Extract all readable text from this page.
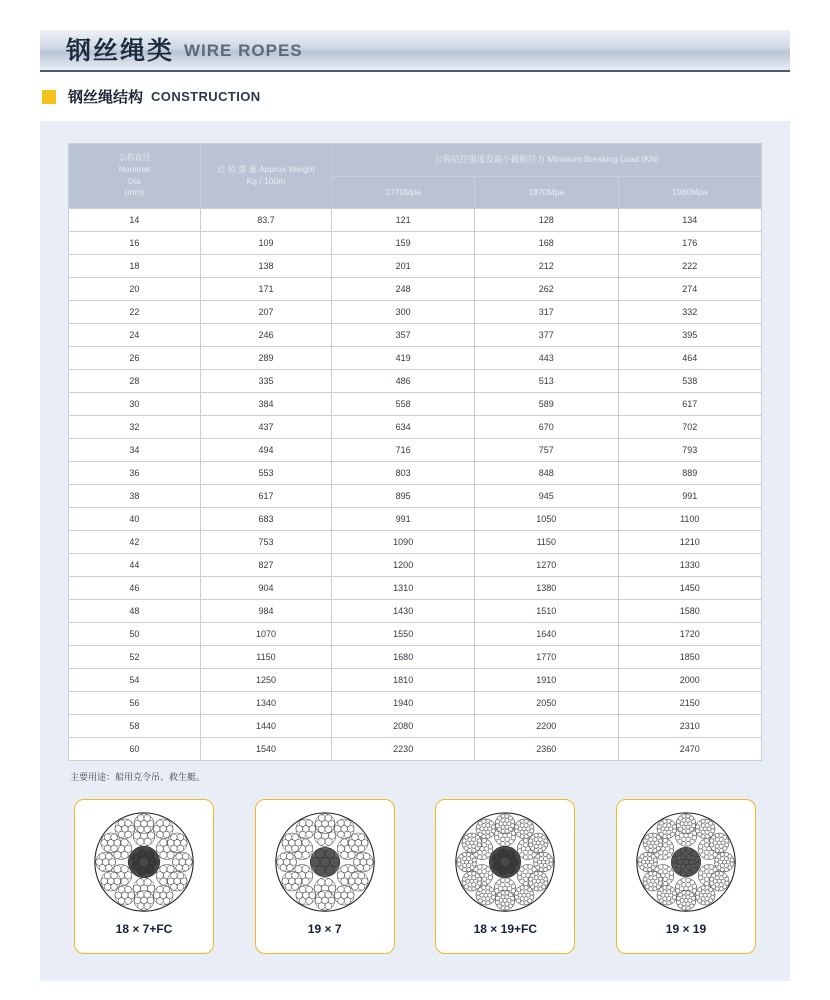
钢丝绳类 WIRE ROPES
钢丝绳结构 CONSTRUCTION
公称直径
Nominal
Dia
(mm)

近 似 重 量 Approx Weight
Kg / 100m
	公称抗拉强度及最小破断拉力 Minimum Breaking Load (KN)
		1770Mpa	1870Mpa	1960Mpa
14	83.7	121	128	134
16	109	159	168	176
18	138	201	212	222
20	171	248	262	274
22	207	300	317	332
24	246	357	377	395
26	289	419	443	464
28	335	486	513	538
30	384	558	589	617
32	437	634	670	702
34	494	716	757	793
36	553	803	848	889
38	617	895	945	991
40	683	991	1050	1100
42	753	1090	1150	1210
44	827	1200	1270	1330
46	904	1310	1380	1450
48	984	1430	1510	1580
50	1070	1550	1640	1720
52	1150	1680	1770	1850
54	1250	1810	1910	2000
56	1340	1940	2050	2150
58	1440	2080	2200	2310
60	1540	2230	2360	2470
主要用途：船用克令吊、救生艇。
18 × 7+FC	19 × 7	18 × 19+FC	19 × 19
